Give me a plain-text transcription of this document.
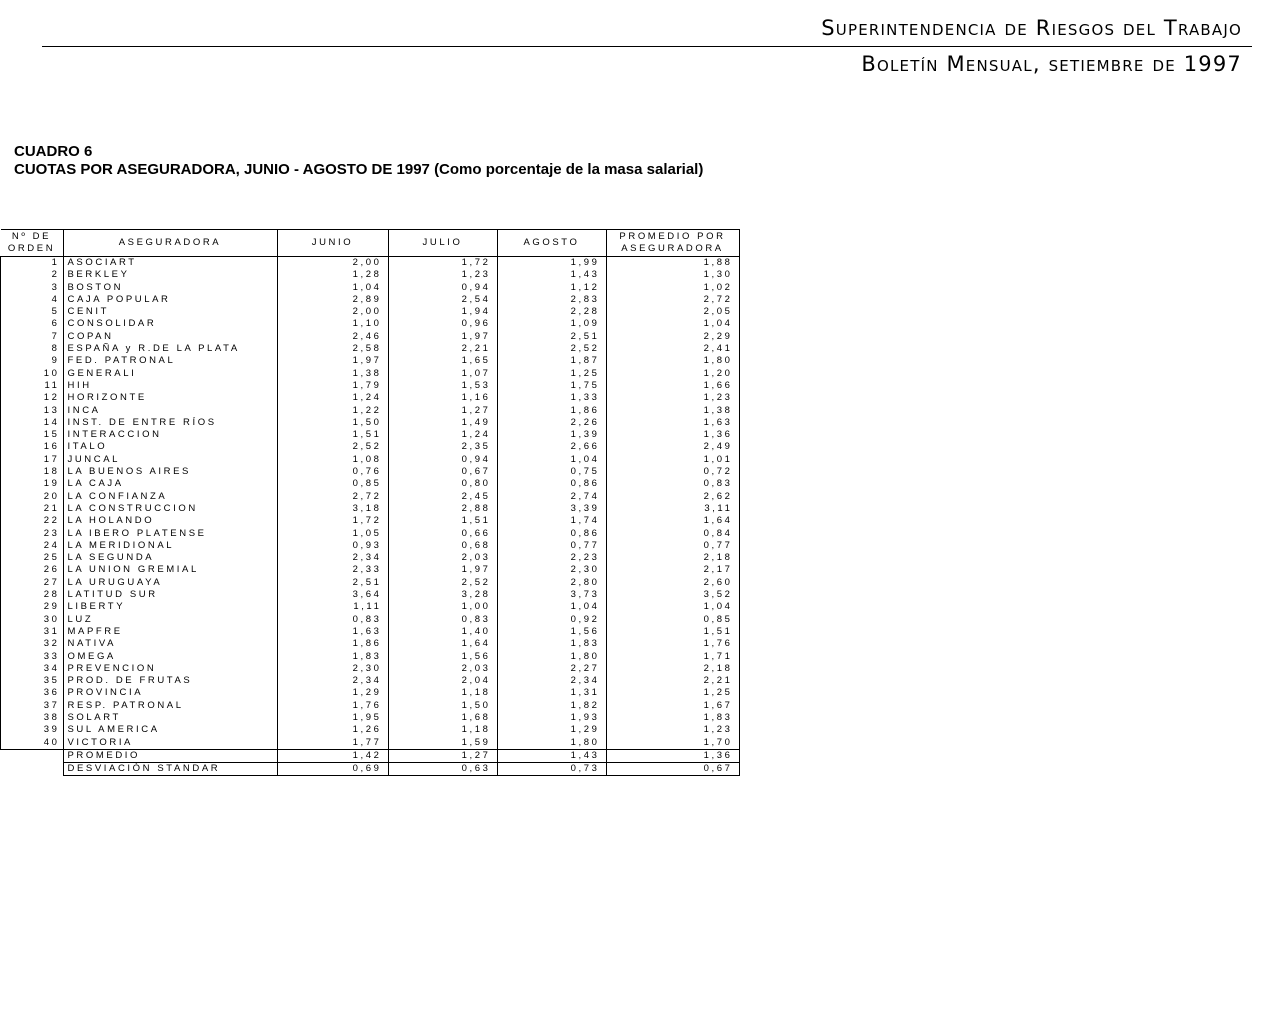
Superintendencia de Riesgos del Trabajo
Boletín Mensual, setiembre de 1997
CUADRO 6
CUOTAS POR ASEGURADORA, JUNIO - AGOSTO DE 1997 (Como porcentaje de la masa salarial)
Nº DE
ORDEN	ASEGURADORA	JUNIO	JULIO	AGOSTO	PROMEDIO POR
ASEGURADORA
1	ASOCIART	2,00	1,72	1,99	1,88
2	BERKLEY	1,28	1,23	1,43	1,30
3	BOSTON	1,04	0,94	1,12	1,02
4	CAJA POPULAR	2,89	2,54	2,83	2,72
5	CENIT	2,00	1,94	2,28	2,05
6	CONSOLIDAR	1,10	0,96	1,09	1,04
7	COPAN	2,46	1,97	2,51	2,29
8	ESPAÑA y R.DE LA PLATA	2,58	2,21	2,52	2,41
9	FED. PATRONAL	1,97	1,65	1,87	1,80
10	GENERALI	1,38	1,07	1,25	1,20
11	HIH	1,79	1,53	1,75	1,66
12	HORIZONTE	1,24	1,16	1,33	1,23
13	INCA	1,22	1,27	1,86	1,38
14	INST. DE ENTRE RÍOS	1,50	1,49	2,26	1,63
15	INTERACCION	1,51	1,24	1,39	1,36
16	ITALO	2,52	2,35	2,66	2,49
17	JUNCAL	1,08	0,94	1,04	1,01
18	LA BUENOS AIRES	0,76	0,67	0,75	0,72
19	LA CAJA	0,85	0,80	0,86	0,83
20	LA CONFIANZA	2,72	2,45	2,74	2,62
21	LA CONSTRUCCION	3,18	2,88	3,39	3,11
22	LA HOLANDO	1,72	1,51	1,74	1,64
23	LA IBERO PLATENSE	1,05	0,66	0,86	0,84
24	LA MERIDIONAL	0,93	0,68	0,77	0,77
25	LA SEGUNDA	2,34	2,03	2,23	2,18
26	LA UNION GREMIAL	2,33	1,97	2,30	2,17
27	LA URUGUAYA	2,51	2,52	2,80	2,60
28	LATITUD SUR	3,64	3,28	3,73	3,52
29	LIBERTY	1,11	1,00	1,04	1,04
30	LUZ	0,83	0,83	0,92	0,85
31	MAPFRE	1,63	1,40	1,56	1,51
32	NATIVA	1,86	1,64	1,83	1,76
33	OMEGA	1,83	1,56	1,80	1,71
34	PREVENCION	2,30	2,03	2,27	2,18
35	PROD. DE FRUTAS	2,34	2,04	2,34	2,21
36	PROVINCIA	1,29	1,18	1,31	1,25
37	RESP. PATRONAL	1,76	1,50	1,82	1,67
38	SOLART	1,95	1,68	1,93	1,83
39	SUL AMERICA	1,26	1,18	1,29	1,23
40	VICTORIA	1,77	1,59	1,80	1,70
	PROMEDIO	1,42	1,27	1,43	1,36
	DESVIACIÓN STANDAR	0,69	0,63	0,73	0,67
